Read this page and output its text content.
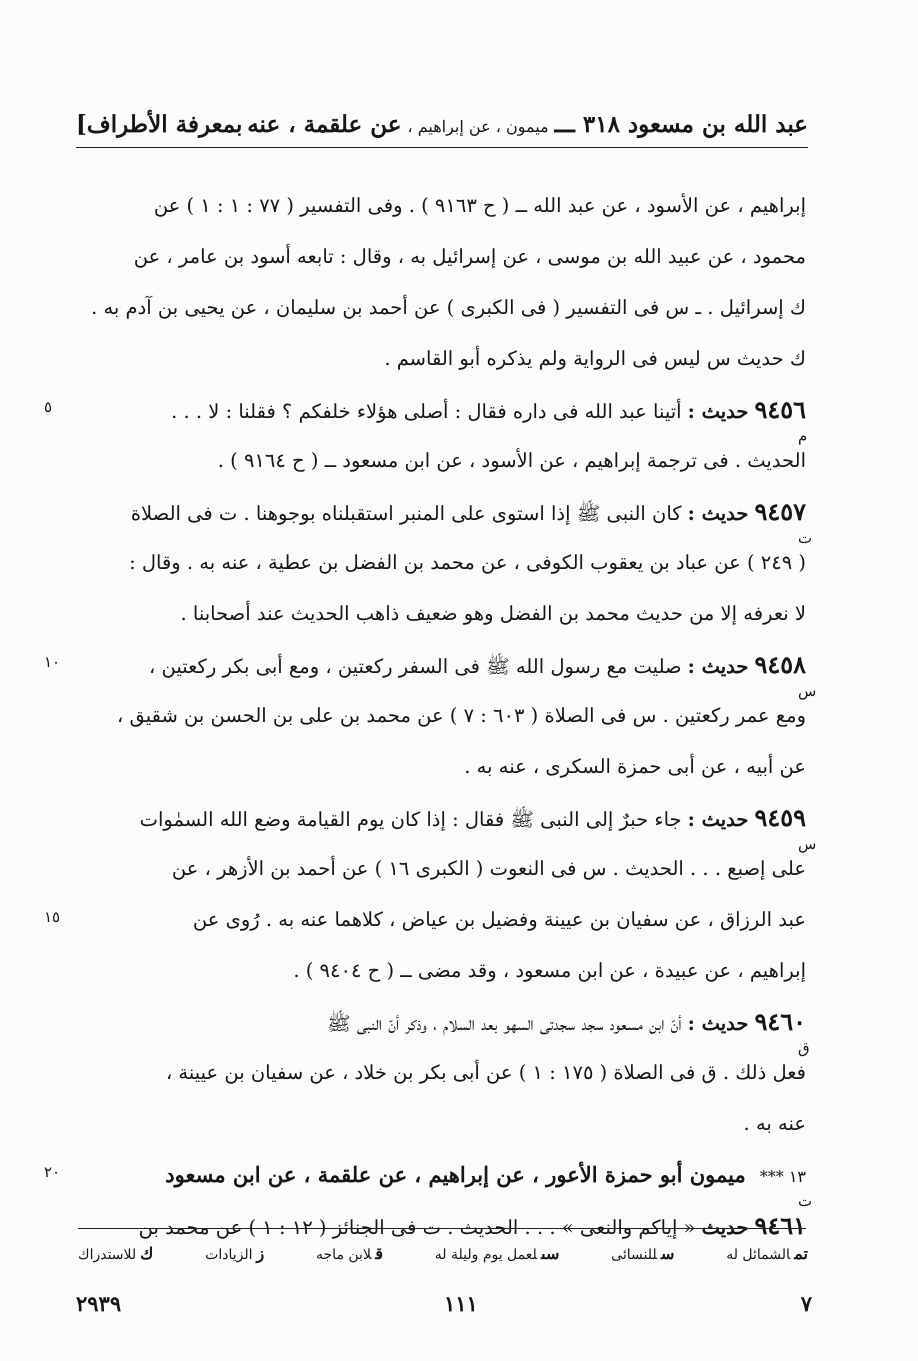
عبد الله بن مسعود ٣١٨ ـــ
ميمون ، عن إبراهيم ،
عن علقمة ، عنه
بمعرفة الأطراف]
إبراهيم ، عن الأسود ، عن عبد الله ــ ( ح ٩١٦٣ ) . وفى التفسير ( ٧٧ : ١ : ١ ) عن
محمود ، عن عبيد الله بن موسى ، عن إسرائيل به ، وقال : تابعه أسود بن عامر ، عن
ﻙ إسرائيل . ـ س فى التفسير ( فى الكبرى ) عن أحمد بن سليمان ، عن يحيى بن آدم به .
ﻙ حديث س ليس فى الرواية ولم يذكره أبو القاسم .
٩٤٥٦حديث :أتينا عبد الله فى داره فقال : أصلى هؤلاء خلفكم ؟ فقلنا : لا . . .
الحديث . فى ترجمة إبراهيم ، عن الأسود ، عن ابن مسعود ــ ( ح ٩١٦٤ ) .
٩٤٥٧حديث :كان النبى ﷺ إذا استوى على المنبر استقبلناه بوجوهنا . ت فى الصلاة
( ٢٤٩ ) عن عباد بن يعقوب الكوفى ، عن محمد بن الفضل بن عطية ، عنه به . وقال :
لا نعرفه إلا من حديث محمد بن الفضل وهو ضعيف ذاهب الحديث عند أصحابنا .
٩٤٥٨حديث :صليت مع رسول الله ﷺ فى السفر ركعتين ، ومع أبى بكر ركعتين ،
ومع عمر ركعتين . س فى الصلاة ( ٦٠٣ : ٧ ) عن محمد بن على بن الحسن بن شقيق ،
عن أبيه ، عن أبى حمزة السكرى ، عنه به .
٩٤٥٩حديث :جاء حبرٌ إلى النبى ﷺ فقال : إذا كان يوم القيامة وضع الله السمٰوات
على إصبع . . . الحديث . س فى النعوت ( الكبرى ١٦ ) عن أحمد بن الأزهر ، عن
عبد الرزاق ، عن سفيان بن عيينة وفضيل بن عياض ، كلاهما عنه به . رُوى عن
إبراهيم ، عن عبيدة ، عن ابن مسعود ، وقد مضى ــ ( ح ٩٤٠٤ ) .
٩٤٦٠حديث :أنّ ابن مسعود سجد سجدتى السهو بعد السلام ، وذكر أنّ النبى ﷺ
فعل ذلك . ق فى الصلاة ( ١٧٥ : ١ ) عن أبى بكر بن خلاد ، عن سفيان بن عيينة ،
عنه به .
١٣ ***ميمون أبو حمزة الأعور ، عن إبراهيم ، عن علقمة ، عن ابن مسعود
٩٤٦١حديث« إياكم والنعى » . . . الحديث . ت فى الجنائز ( ١٢ : ١ ) عن محمد بن
تمالشمائل له
سللنسائى
سىلعمل يوم وليلة له
قلابن ماجه
زالزيادات
ﻙللاستدراك
٢٩٣٩	١١١	٧
٥
م
ت
١٠
س
س
١٥
ق
٢٠
ت
